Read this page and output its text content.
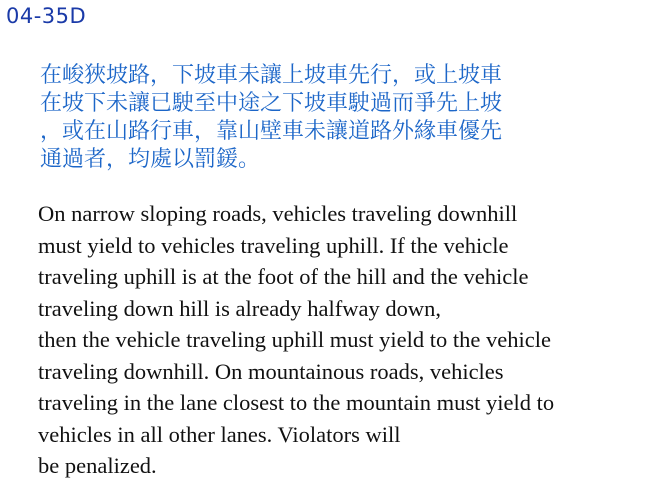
04-35D
在峻狹坡路，下坡車未讓上坡車先行，或上坡車
在坡下未讓已駛至中途之下坡車駛過而爭先上坡
，或在山路行車，靠山壁車未讓道路外緣車優先
通過者，均處以罰鍰。
On narrow sloping roads, vehicles traveling downhill
must yield to vehicles traveling uphill. If the vehicle
traveling uphill is at the foot of the hill and the vehicle
traveling down hill is already halfway down,
then the vehicle traveling uphill must yield to the vehicle
traveling downhill. On mountainous roads, vehicles
traveling in the lane closest to the mountain must yield to
vehicles in all other lanes. Violators will
be penalized.
